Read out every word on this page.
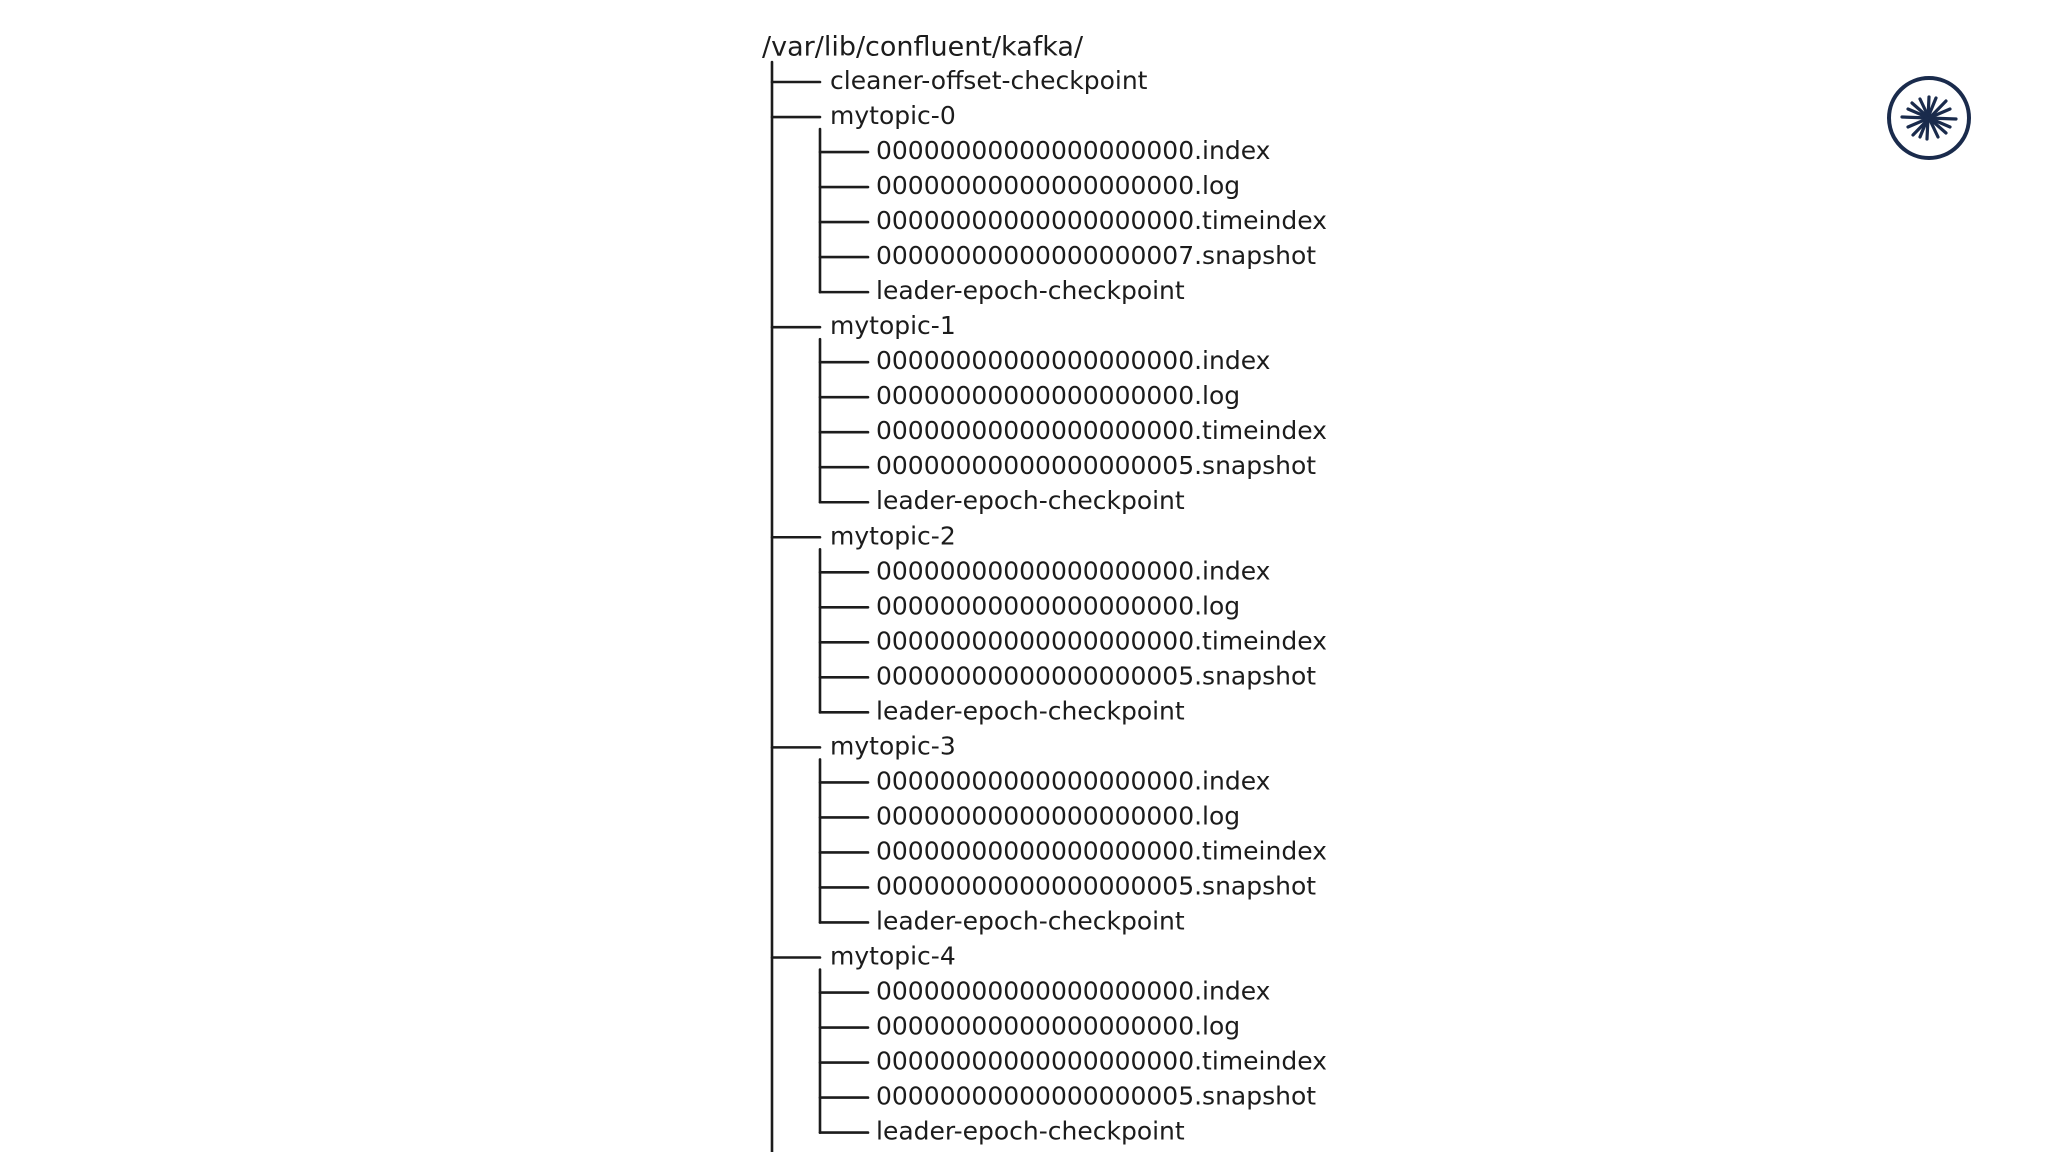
/var/lib/confluent/kafka/
cleaner-offset-checkpoint
mytopic-0
00000000000000000000.index
00000000000000000000.log
00000000000000000000.timeindex
00000000000000000007.snapshot
leader-epoch-checkpoint
mytopic-1
00000000000000000000.index
00000000000000000000.log
00000000000000000000.timeindex
00000000000000000005.snapshot
leader-epoch-checkpoint
mytopic-2
00000000000000000000.index
00000000000000000000.log
00000000000000000000.timeindex
00000000000000000005.snapshot
leader-epoch-checkpoint
mytopic-3
00000000000000000000.index
00000000000000000000.log
00000000000000000000.timeindex
00000000000000000005.snapshot
leader-epoch-checkpoint
mytopic-4
00000000000000000000.index
00000000000000000000.log
00000000000000000000.timeindex
00000000000000000005.snapshot
leader-epoch-checkpoint
